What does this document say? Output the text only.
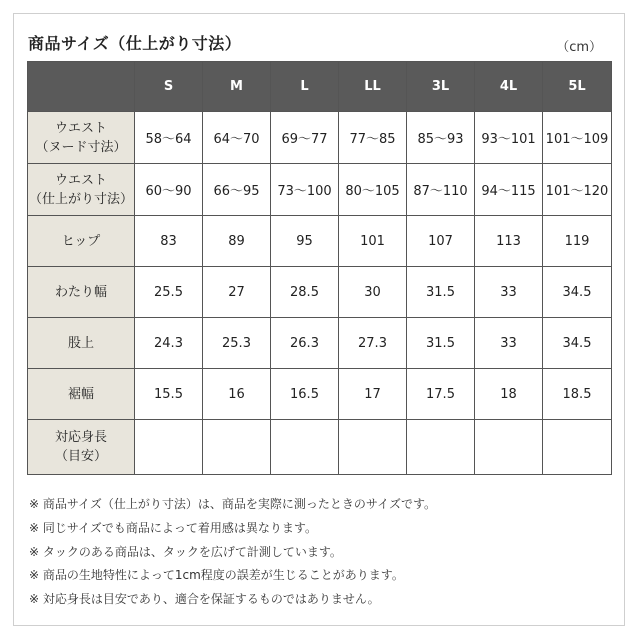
商品サイズ（仕上がり寸法）	（cm）
	S	M	L	LL	3L	4L	5L

ウエスト
（ヌード寸法）	58～64	64～70	69～77	77～85	85～93	93～101	101～109

ウエスト
（仕上がり寸法）	60～90	66～95	73～100	80～105	87～110	94～115	101～120

ヒップ	83	89	95	101	107	113	119

わたり幅	25.5	27	28.5	30	31.5	33	34.5

股上	24.3	25.3	26.3	27.3	31.5	33	34.5

裾幅	15.5	16	16.5	17	17.5	18	18.5

対応身長
（目安）							

※ 商品サイズ（仕上がり寸法）は、商品を実際に測ったときのサイズです。
※ 同じサイズでも商品によって着用感は異なります。
※ タックのある商品は、タックを広げて計測しています。
※ 商品の生地特性によって1cm程度の誤差が生じることがあります。
※ 対応身長は目安であり、適合を保証するものではありません。
